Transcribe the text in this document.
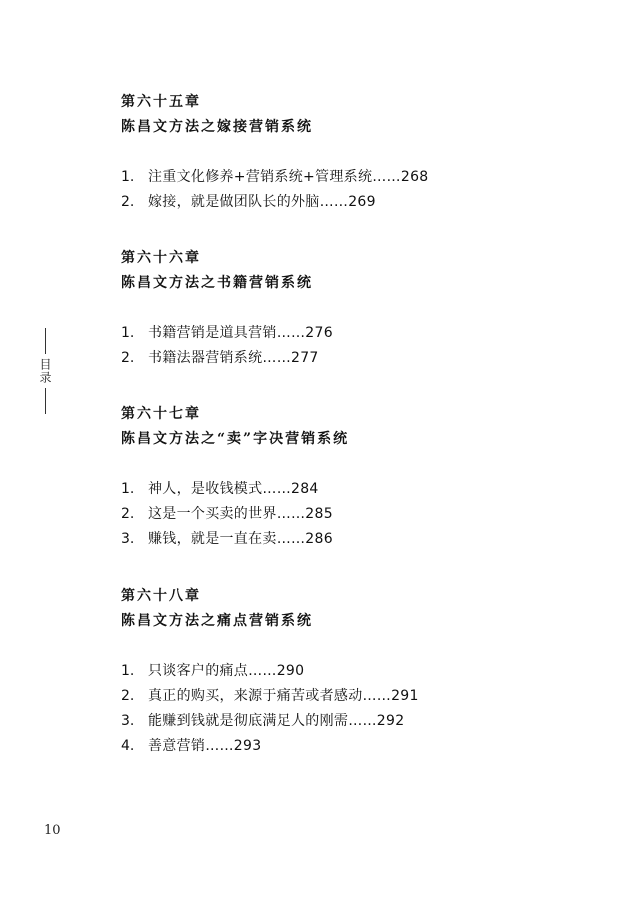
目录

第六十五章

陈昌文方法之嫁接营销系统

1. 注重文化修养+营销系统+管理系统……268
2. 嫁接，就是做团队长的外脑……269

第六十六章

陈昌文方法之书籍营销系统

1. 书籍营销是道具营销……276
2. 书籍法器营销系统……277

第六十七章

陈昌文方法之“卖”字决营销系统

1. 神人，是收钱模式……284
2. 这是一个买卖的世界……285
3. 赚钱，就是一直在卖……286

第六十八章

陈昌文方法之痛点营销系统

1. 只谈客户的痛点……290
2. 真正的购买，来源于痛苦或者感动……291
3. 能赚到钱就是彻底满足人的刚需……292
4. 善意营销……293
10
